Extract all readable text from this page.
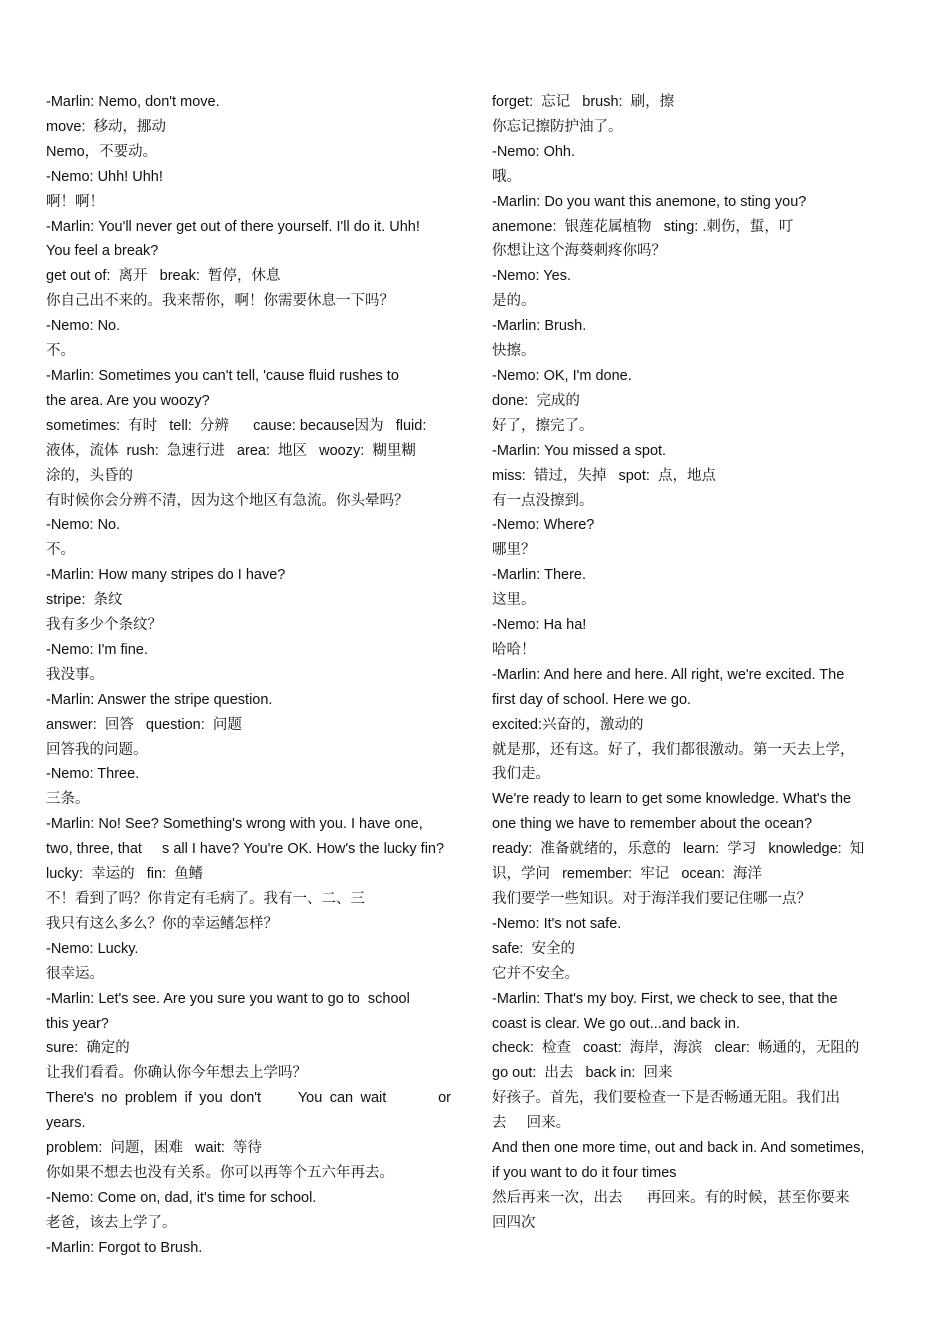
-Marlin: Nemo, don't move.

move:  移动，挪动

Nemo，不要动。

-Nemo: Uhh! Uhh!

啊！啊！

-Marlin: You'll never get out of there yourself. I'll do it. Uhh!

You feel a break?

get out of:  离开   break:  暂停，休息

你自己出不来的。我来帮你，啊！你需要休息一下吗？

-Nemo: No.

不。

-Marlin: Sometimes you can't tell, 'cause fluid rushes to

the area. Are you woozy?

sometimes:  有时   tell:  分辨      cause: because因为   fluid:

液体，流体  rush:  急速行进   area:  地区   woozy:  糊里糊

涂的，头昏的

有时候你会分辨不清，因为这个地区有急流。你头晕吗？

-Nemo: No.

不。

-Marlin: How many stripes do I have?

stripe:  条纹

我有多少个条纹？

-Nemo: I'm fine.

我没事。

-Marlin: Answer the stripe question.

answer:  回答   question:  问题

回答我的问题。

-Nemo: Three.

三条。

-Marlin: No! See? Something's wrong with you. I have one,

two, three, that     s all I have? You're OK. How's the lucky fin?

lucky:  幸运的   fin:  鱼鳍

不！看到了吗？你肯定有毛病了。我有一、二、三

我只有这么多么？你的幸运鳍怎样？

-Nemo: Lucky.

很幸运。

-Marlin: Let's see. Are you sure you want to go to  school

this year?

sure:  确定的

让我们看看。你确认你今年想去上学吗？

There's no problem if you don't     You can wait       or       years.

problem:  问题，困难   wait:  等待

你如果不想去也没有关系。你可以再等个五六年再去。

-Nemo: Come on, dad, it's time for school.

老爸，该去上学了。

-Marlin: Forgot to Brush.

forget:  忘记   brush:  刷，擦

你忘记擦防护油了。

-Nemo: Ohh.

哦。

-Marlin: Do you want this anemone, to sting you?

anemone:  银莲花属植物   sting: .刺伤，蜇，叮

你想让这个海葵刺疼你吗？

-Nemo: Yes.

是的。

-Marlin: Brush.

快擦。

-Nemo: OK, I'm done.

done:  完成的

好了，擦完了。

-Marlin: You missed a spot.

miss:  错过，失掉   spot:  点，地点

有一点没擦到。

-Nemo: Where?

哪里？

-Marlin: There.

这里。

-Nemo: Ha ha!

哈哈！

-Marlin: And here and here. All right, we're excited. The

first day of school. Here we go.

excited:兴奋的，激动的

就是那，还有这。好了，我们都很激动。第一天去上学，

我们走。

We're ready to learn to get some knowledge. What's the

one thing we have to remember about the ocean?

ready:  准备就绪的，乐意的   learn:  学习   knowledge:  知

识，学问   remember:  牢记   ocean:  海洋

我们要学一些知识。对于海洋我们要记住哪一点？

-Nemo: It's not safe.

safe:  安全的

它并不安全。

-Marlin: That's my boy. First, we check to see, that the

coast is clear. We go out...and back in.

check:  检查   coast:  海岸，海滨   clear:  畅通的，无阻的

go out:  出去   back in:  回来

好孩子。首先，我们要检查一下是否畅通无阻。我们出

去     回来。

And then one more time, out and back in. And sometimes,

if you want to do it four times

然后再来一次，出去      再回来。有的时候，甚至你要来

回四次
